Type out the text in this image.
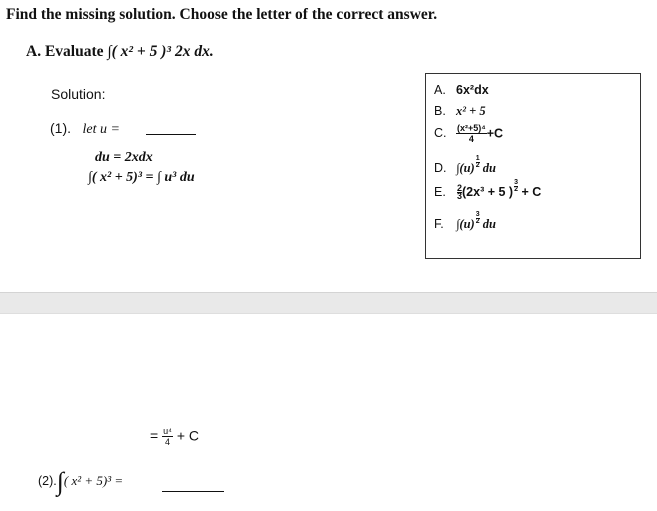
Find the missing solution. Choose the letter of the correct answer.
A. Evaluate ∫( x² + 5 )³ 2x dx.
Solution:
(1). let u =
du = 2xdx
∫( x² + 5)³ = ∫ u³ du
A. 6x²dx
B. x² + 5
C. $\frac{\text{(x²+5)⁴}}{4} +C$
D. $\int(u) \frac{1}{2}$ du
E. $\frac{2}{3} (2x^3 + 5$ ) $\frac{3}{2} + C$
F. $\int(u) \frac{3}{2}$ du
= $\frac{\text{u⁴}}{4} + C$
(2).∫( x² + 5)³ =
